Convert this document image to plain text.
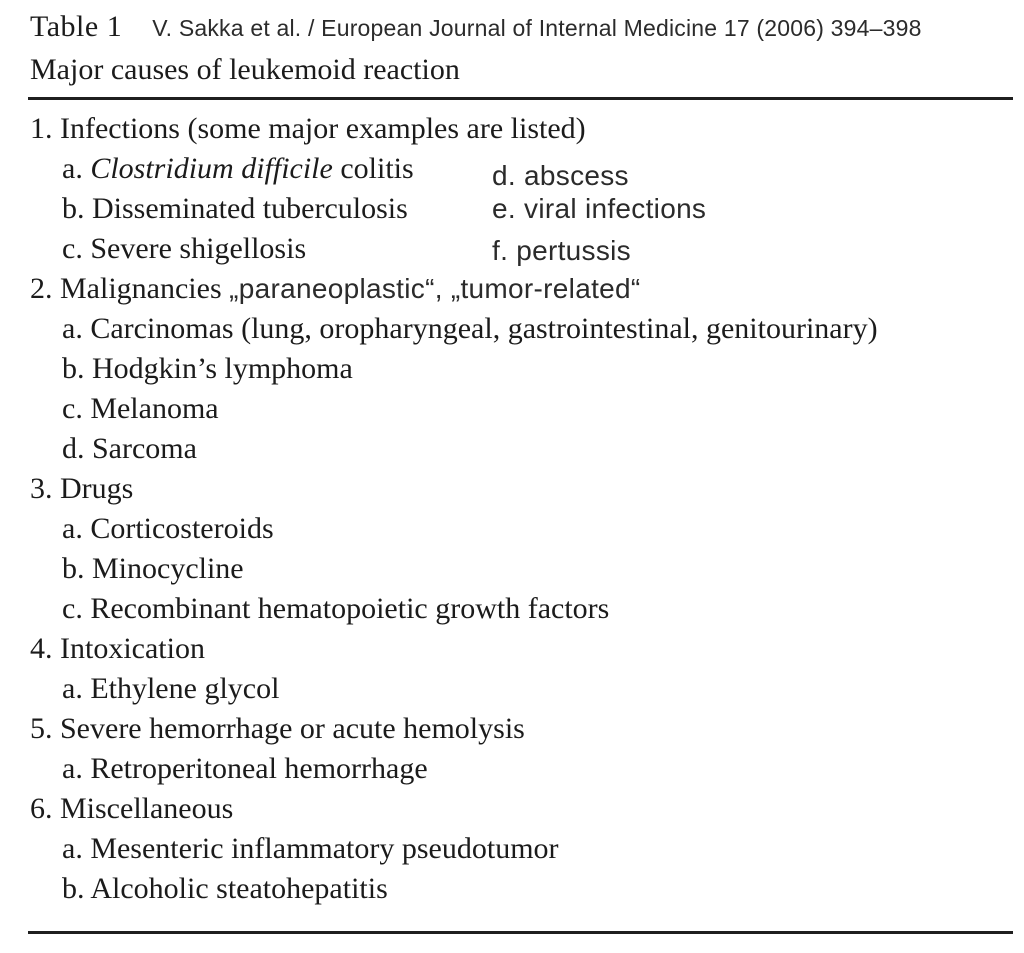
Table 1 V. Sakka et al. / European Journal of Internal Medicine 17 (2006) 394–398
Major causes of leukemoid reaction
1. Infections (some major examples are listed)
a. Clostridium difficile colitis
b. Disseminated tuberculosis
c. Severe shigellosis
d. abscess
e. viral infections
f. pertussis
2. Malignancies „paraneoplastic“, „tumor-related“
a. Carcinomas (lung, oropharyngeal, gastrointestinal, genitourinary)
b. Hodgkin’s lymphoma
c. Melanoma
d. Sarcoma
3. Drugs
a. Corticosteroids
b. Minocycline
c. Recombinant hematopoietic growth factors
4. Intoxication
a. Ethylene glycol
5. Severe hemorrhage or acute hemolysis
a. Retroperitoneal hemorrhage
6. Miscellaneous
a. Mesenteric inflammatory pseudotumor
b. Alcoholic steatohepatitis
